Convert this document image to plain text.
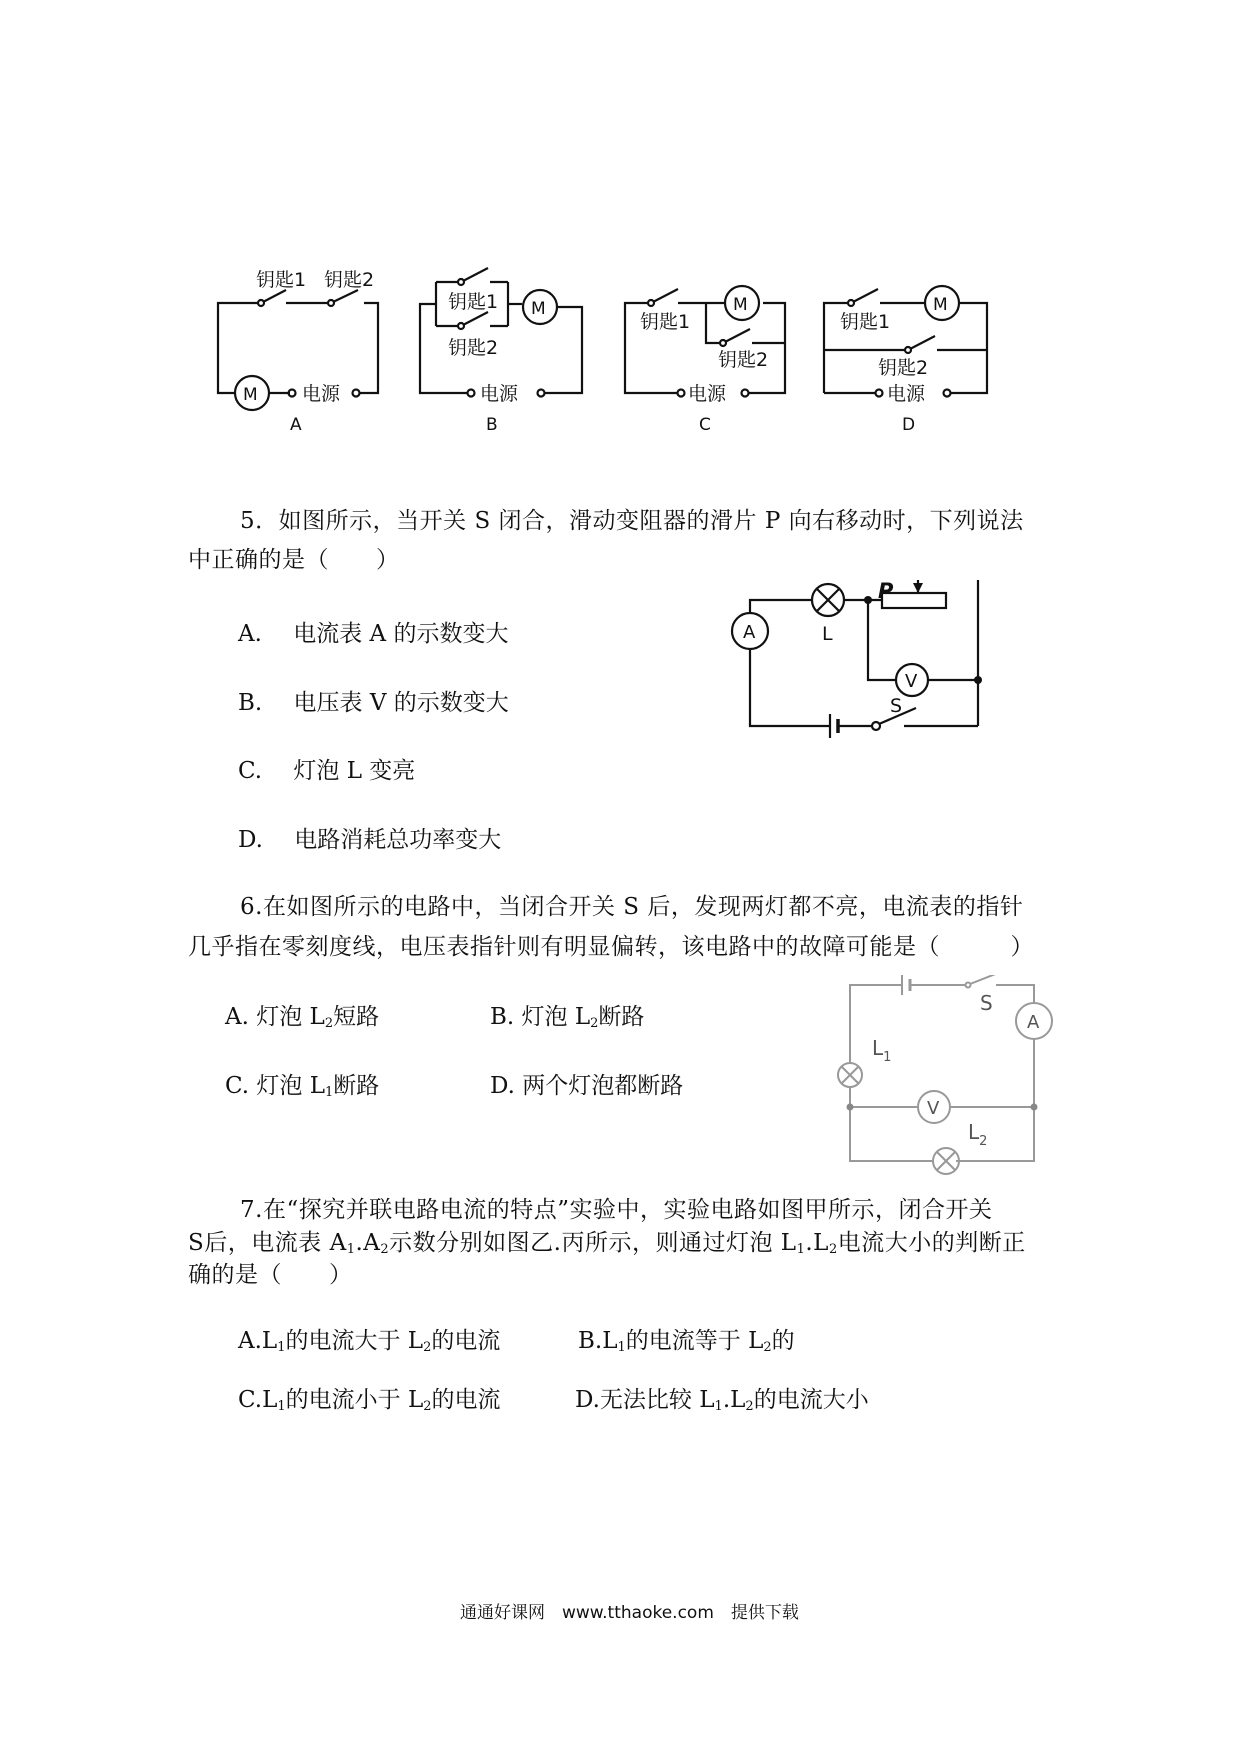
钥匙1 钥匙2
M 电源
A
钥匙1
钥匙2
M
电源
B
钥匙1
钥匙2
M
电源
C
钥匙1
钥匙2
M
电源
D
5．如图所示，当开关 S 闭合，滑动变阻器的滑片 P 向右移动时，下列说法
中正确的是（　　）
A. 电流表 A 的示数变大
B. 电压表 V 的示数变大
C. 灯泡 L 变亮
D. 电路消耗总功率变大
P
L
A
V
S
6.在如图所示的电路中，当闭合开关 S 后，发现两灯都不亮，电流表的指针
几乎指在零刻度线，电压表指针则有明显偏转，该电路中的故障可能是（　　　）
A. 灯泡 $L_2$短路	B. 灯泡 $L_2$断路
C. 灯泡 $L_1$断路	D. 两个灯泡都断路
S
A
V
$L_1$
$L_2$
7.在“探究并联电路电流的特点”实验中，实验电路如图甲所示，闭合开关
S后，电流表 $A_1.A_2$示数分别如图乙.丙所示，则通过灯泡 $L_1.L_2$电流大小的判断正
确的是（　　）
$A.L_1$的电流大于 $L_2$的电流	$B.L_1$的电流等于 $L_2$的
$C.L_1$的电流小于 $L_2$的电流	D.无法比较 $L_1.L_2$的电流大小
通通好课网　www.tthaoke.com　提供下载
